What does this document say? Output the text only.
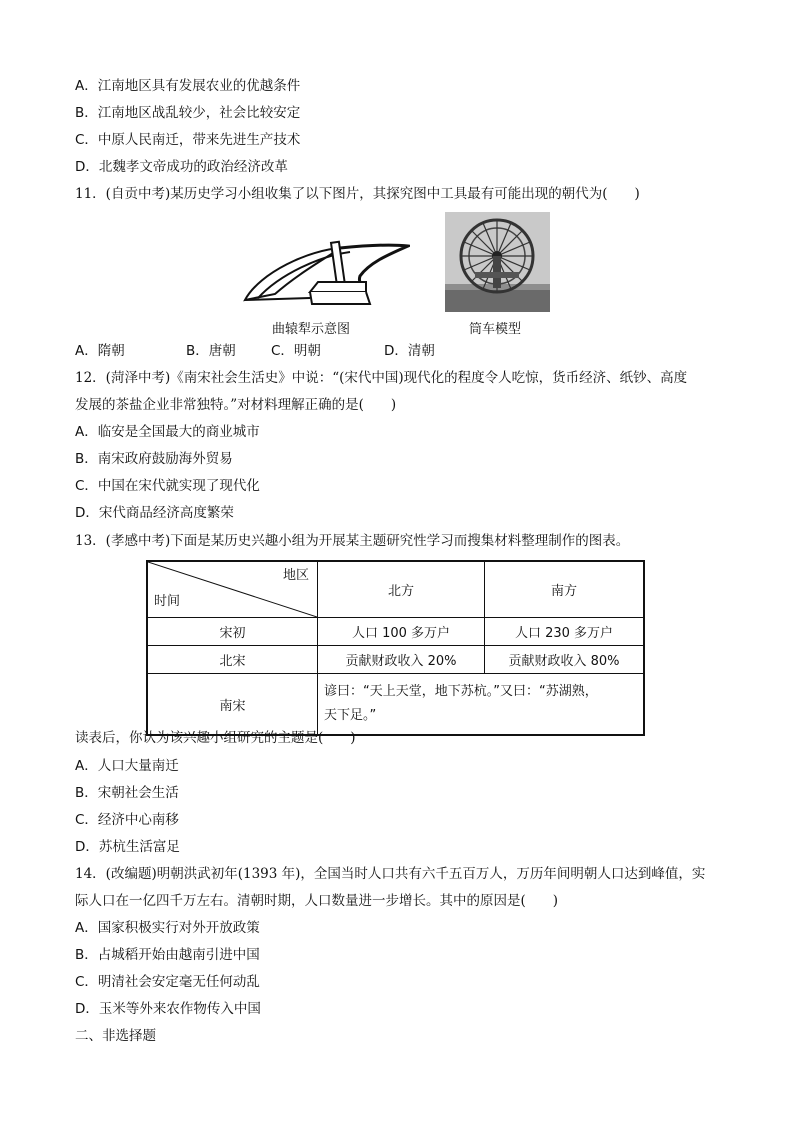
A．江南地区具有发展农业的优越条件
B．江南地区战乱较少，社会比较安定
C．中原人民南迁，带来先进生产技术
D．北魏孝文帝成功的政治经济改革
11．(自贡中考)某历史学习小组收集了以下图片，其探究图中工具最有可能出现的朝代为(　　)
曲辕犁示意图	筒车模型
A．隋朝	B．唐朝	C．明朝	D．清朝
12．(菏泽中考)《南宋社会生活史》中说：“(宋代中国)现代化的程度令人吃惊，货币经济、纸钞、高度
发展的茶盐企业非常独特。”对材料理解正确的是(　　)
A．临安是全国最大的商业城市
B．南宋政府鼓励海外贸易
C．中国在宋代就实现了现代化
D．宋代商品经济高度繁荣
13．(孝感中考)下面是某历史兴趣小组为开展某主题研究性学习而搜集材料整理制作的图表。
地区
时间	北方	南方
宋初	人口 100 多万户	人口 230 多万户
北宋	贡献财政收入 20%	贡献财政收入 80%
南宋	谚曰：“天上天堂，地下苏杭。”又曰：“苏湖熟，
天下足。”	
读表后，你认为该兴趣小组研究的主题是(　　)
A．人口大量南迁
B．宋朝社会生活
C．经济中心南移
D．苏杭生活富足
14．(改编题)明朝洪武初年(1393 年)，全国当时人口共有六千五百万人，万历年间明朝人口达到峰值，实
际人口在一亿四千万左右。清朝时期，人口数量进一步增长。其中的原因是(　　)
A．国家积极实行对外开放政策
B．占城稻开始由越南引进中国
C．明清社会安定毫无任何动乱
D．玉米等外来农作物传入中国
二、非选择题
